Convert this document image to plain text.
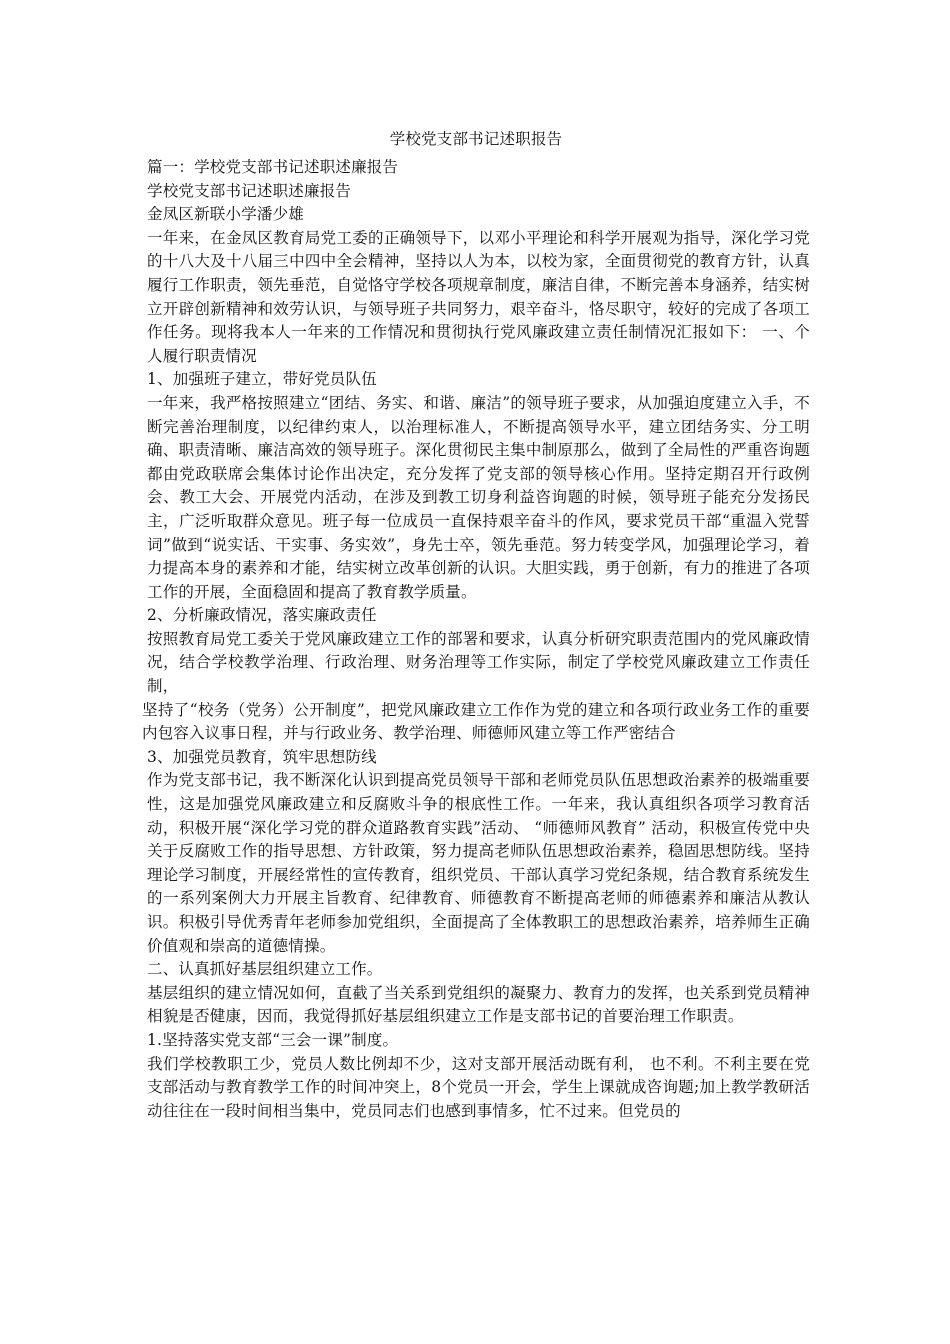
学校党支部书记述职报告

篇一：学校党支部书记述职述廉报告

学校党支部书记述职述廉报告

金凤区新联小学潘少雄

一年来，在金凤区教育局党工委的正确领导下，以邓小平理论和科学开展观为指导，深化学习党的十八大及十八届三中四中全会精神，坚持以人为本，以校为家，全面贯彻党的教育方针，认真履行工作职责，领先垂范，自觉恪守学校各项规章制度，廉洁自律，不断完善本身涵养，结实树立开辟创新精神和效劳认识，与领导班子共同努力，艰辛奋斗，恪尽职守，较好的完成了各项工作任务。现将我本人一年来的工作情况和贯彻执行党风廉政建立责任制情况汇报如下： 一、个人履行职责情况

1、加强班子建立，带好党员队伍

一年来，我严格按照建立“团结、务实、和谐、廉洁”的领导班子要求，从加强迫度建立入手，不断完善治理制度，以纪律约束人，以治理标准人，不断提高领导水平，建立团结务实、分工明确、职责清晰、廉洁高效的领导班子。深化贯彻民主集中制原那么，做到了全局性的严重咨询题都由党政联席会集体讨论作出决定，充分发挥了党支部的领导核心作用。坚持定期召开行政例会、教工大会、开展党内活动，在涉及到教工切身利益咨询题的时候，领导班子能充分发扬民主，广泛听取群众意见。班子每一位成员一直保持艰辛奋斗的作风，要求党员干部“重温入党誓词”做到“说实话、干实事、务实效”，身先士卒，领先垂范。努力转变学风，加强理论学习，着力提高本身的素养和才能，结实树立改革创新的认识。大胆实践，勇于创新，有力的推进了各项工作的开展，全面稳固和提高了教育教学质量。

2、分析廉政情况，落实廉政责任

按照教育局党工委关于党风廉政建立工作的部署和要求，认真分析研究职责范围内的党风廉政情况，结合学校教学治理、行政治理、财务治理等工作实际，制定了学校党风廉政建立工作责任制，

坚持了“校务（党务）公开制度”，把党风廉政建立工作作为党的建立和各项行政业务工作的重要内包容入议事日程，并与行政业务、教学治理、师德师风建立等工作严密结合

3、加强党员教育，筑牢思想防线

作为党支部书记，我不断深化认识到提高党员领导干部和老师党员队伍思想政治素养的极端重要性，这是加强党风廉政建立和反腐败斗争的根底性工作。一年来，我认真组织各项学习教育活动，积极开展“深化学习党的群众道路教育实践”活动、 “师德师风教育” 活动，积极宣传党中央关于反腐败工作的指导思想、方针政策，努力提高老师队伍思想政治素养，稳固思想防线。坚持理论学习制度，开展经常性的宣传教育，组织党员、干部认真学习党纪条规，结合教育系统发生的一系列案例大力开展主旨教育、纪律教育、师德教育不断提高老师的师德素养和廉洁从教认识。积极引导优秀青年老师参加党组织，全面提高了全体教职工的思想政治素养，培养师生正确价值观和崇高的道德情操。

二、认真抓好基层组织建立工作。

基层组织的建立情况如何，直截了当关系到党组织的凝聚力、教育力的发挥，也关系到党员精神相貌是否健康，因而，我觉得抓好基层组织建立工作是支部书记的首要治理工作职责。

1.坚持落实党支部“三会一课”制度。

我们学校教职工少，党员人数比例却不少，这对支部开展活动既有利， 也不利。不利主要在党支部活动与教育教学工作的时间冲突上，8个党员一开会，学生上课就成咨询题;加上教学教研活动往往在一段时间相当集中，党员同志们也感到事情多，忙不过来。但党员的
